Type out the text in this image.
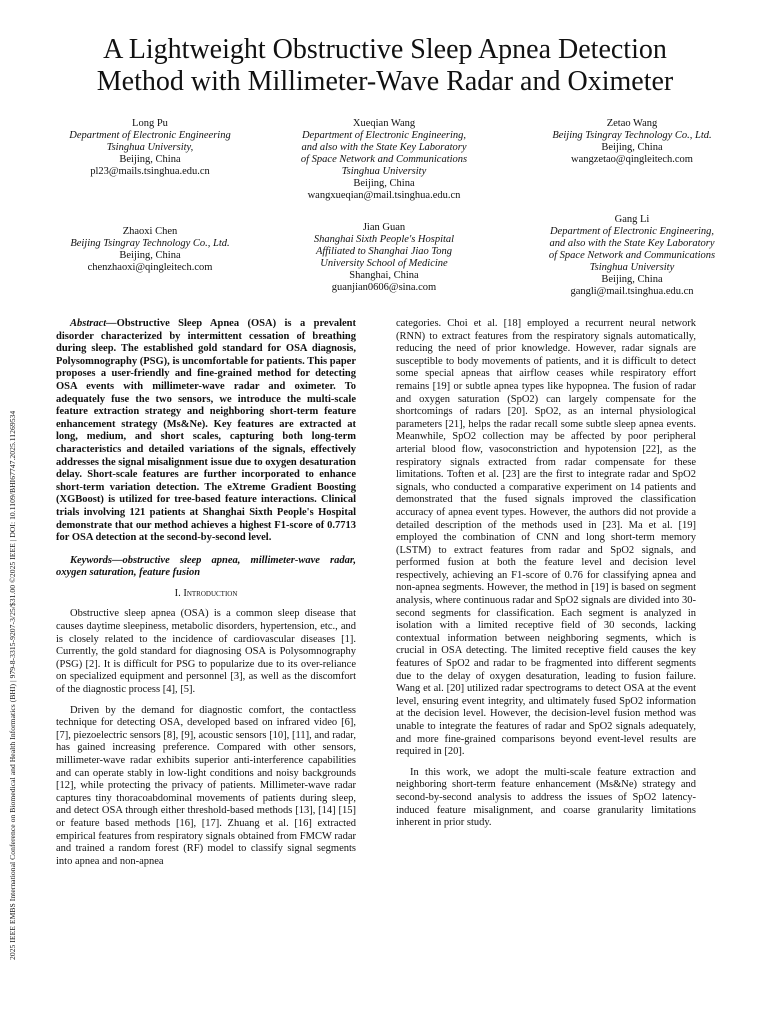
2025 IEEE EMBS International Conference on Biomedical and Health Informatics (BHI) | 979-8-3315-9207-3/25/$31.00 ©2025 IEEE | DOI: 10.1109/BHI67747.2025.11269534
A Lightweight Obstructive Sleep Apnea Detection
Method with Millimeter-Wave Radar and Oximeter
Long Pu
Department of Electronic Engineering
Tsinghua University,
Beijing, China
pl23@mails.tsinghua.edu.cn
Xueqian Wang
Department of Electronic Engineering,
and also with the State Key Laboratory
of Space Network and Communications
Tsinghua University
Beijing, China
wangxueqian@mail.tsinghua.edu.cn
Zetao Wang
Beijing Tsingray Technology Co., Ltd.
Beijing, China
wangzetao@qingleitech.com
Zhaoxi Chen
Beijing Tsingray Technology Co., Ltd.
Beijing, China
chenzhaoxi@qingleitech.com
Jian Guan
Shanghai Sixth People's Hospital
Affiliated to Shanghai Jiao Tong
University School of Medicine
Shanghai, China
guanjian0606@sina.com
Gang Li
Department of Electronic Engineering,
and also with the State Key Laboratory
of Space Network and Communications
Tsinghua University
Beijing, China
gangli@mail.tsinghua.edu.cn

Abstract—Obstructive Sleep Apnea (OSA) is a prevalent disorder characterized by intermittent cessation of breathing during sleep. The established gold standard for OSA diagnosis, Polysomnography (PSG), is uncomfortable for patients. This paper proposes a user-friendly and fine-grained method for detecting OSA events with millimeter-wave radar and oximeter. To adequately fuse the two sensors, we introduce the multi-scale feature extraction strategy and neighboring short-term feature enhancement strategy (Ms&Ne). Key features are extracted at long, medium, and short scales, capturing both long-term characteristics and detailed variations of the signals, effectively addresses the signal misalignment issue due to oxygen desaturation delay. Short-scale features are further incorporated to enhance short-term variation detection. The eXtreme Gradient Boosting (XGBoost) is utilized for tree-based feature interactions. Clinical trials involving 121 patients at Shanghai Sixth People's Hospital demonstrate that our method achieves a highest F1-score of 0.7713 for OSA detection at the second-by-second level.

Keywords—obstructive sleep apnea, millimeter-wave radar, oxygen saturation, feature fusion

I. Introduction

Obstructive sleep apnea (OSA) is a common sleep disease that causes daytime sleepiness, metabolic disorders, hypertension, etc., and is closely related to the incidence of cardiovascular diseases [1]. Currently, the gold standard for diagnosing OSA is Polysomnography (PSG) [2]. It is difficult for PSG to popularize due to its over-reliance on specialized equipment and personnel [3], as well as the discomfort of the diagnostic process [4], [5].

Driven by the demand for diagnostic comfort, the contactless technique for detecting OSA, developed based on infrared video [6], [7], piezoelectric sensors [8], [9], acoustic sensors [10], [11], and radar, has gained increasing preference. Compared with other sensors, millimeter-wave radar exhibits superior anti-interference capabilities and can operate stably in low-light conditions and noisy backgrounds [12], while protecting the privacy of patients. Millimeter-wave radar captures tiny thoracoabdominal movements of patients during sleep, and detect OSA through either threshold-based methods [13], [14] [15] or feature based methods [16], [17]. Zhuang et al. [16] extracted empirical features from respiratory signals obtained from FMCW radar and trained a random forest (RF) model to classify signal segments into apnea and non-apnea

categories. Choi et al. [18] employed a recurrent neural network (RNN) to extract features from the respiratory signals automatically, reducing the need of prior knowledge. However, radar signals are susceptible to body movements of patients, and it is difficult to detect some special apneas that airflow ceases while respiratory effort remains [19] or subtle apnea types like hypopnea. The fusion of radar and oxygen saturation (SpO2) can largely compensate for the shortcomings of radars [20]. SpO2, as an internal physiological parameters [21], helps the radar recall some subtle sleep apnea events. Meanwhile, SpO2 collection may be affected by poor peripheral arterial blood flow, vasoconstriction and hypotension [22], as the respiratory signals extracted from radar compensate for these limitations. Toften et al. [23] are the first to integrate radar and SpO2 signals, who conducted a comparative experiment on 14 patients and demonstrated that the fused signals improved the classification accuracy of apnea event types. However, the authors did not provide a detailed description of the methods used in [23]. Ma et al. [19] employed the combination of CNN and long short-term memory (LSTM) to extract features from radar and SpO2 signals, and performed fusion at both the feature level and decision level respectively, achieving an F1-score of 0.76 for classifying apnea and non-apnea segments. However, the method in [19] is based on segment analysis, where continuous radar and SpO2 signals are divided into 30-second segments for classification. Each segment is analyzed in isolation with a limited receptive field of 30 seconds, lacking contextual information between neighboring segments, which is crucial in OSA detecting. The limited receptive field causes the key features of SpO2 and radar to be fragmented into different segments due to the delay of oxygen desaturation, leading to fusion failure. Wang et al. [20] utilized radar spectrograms to detect OSA at the event level, ensuring event integrity, and ultimately fused SpO2 information at the decision level. However, the decision-level fusion method was unable to integrate the features of radar and SpO2 signals adequately, and more fine-grained comparisons beyond event-level results are required in [20].

In this work, we adopt the multi-scale feature extraction and neighboring short-term feature enhancement (Ms&Ne) strategy and second-by-second analysis to address the issues of SpO2 latency-induced feature misalignment, and coarse granularity limitations inherent in prior study.
